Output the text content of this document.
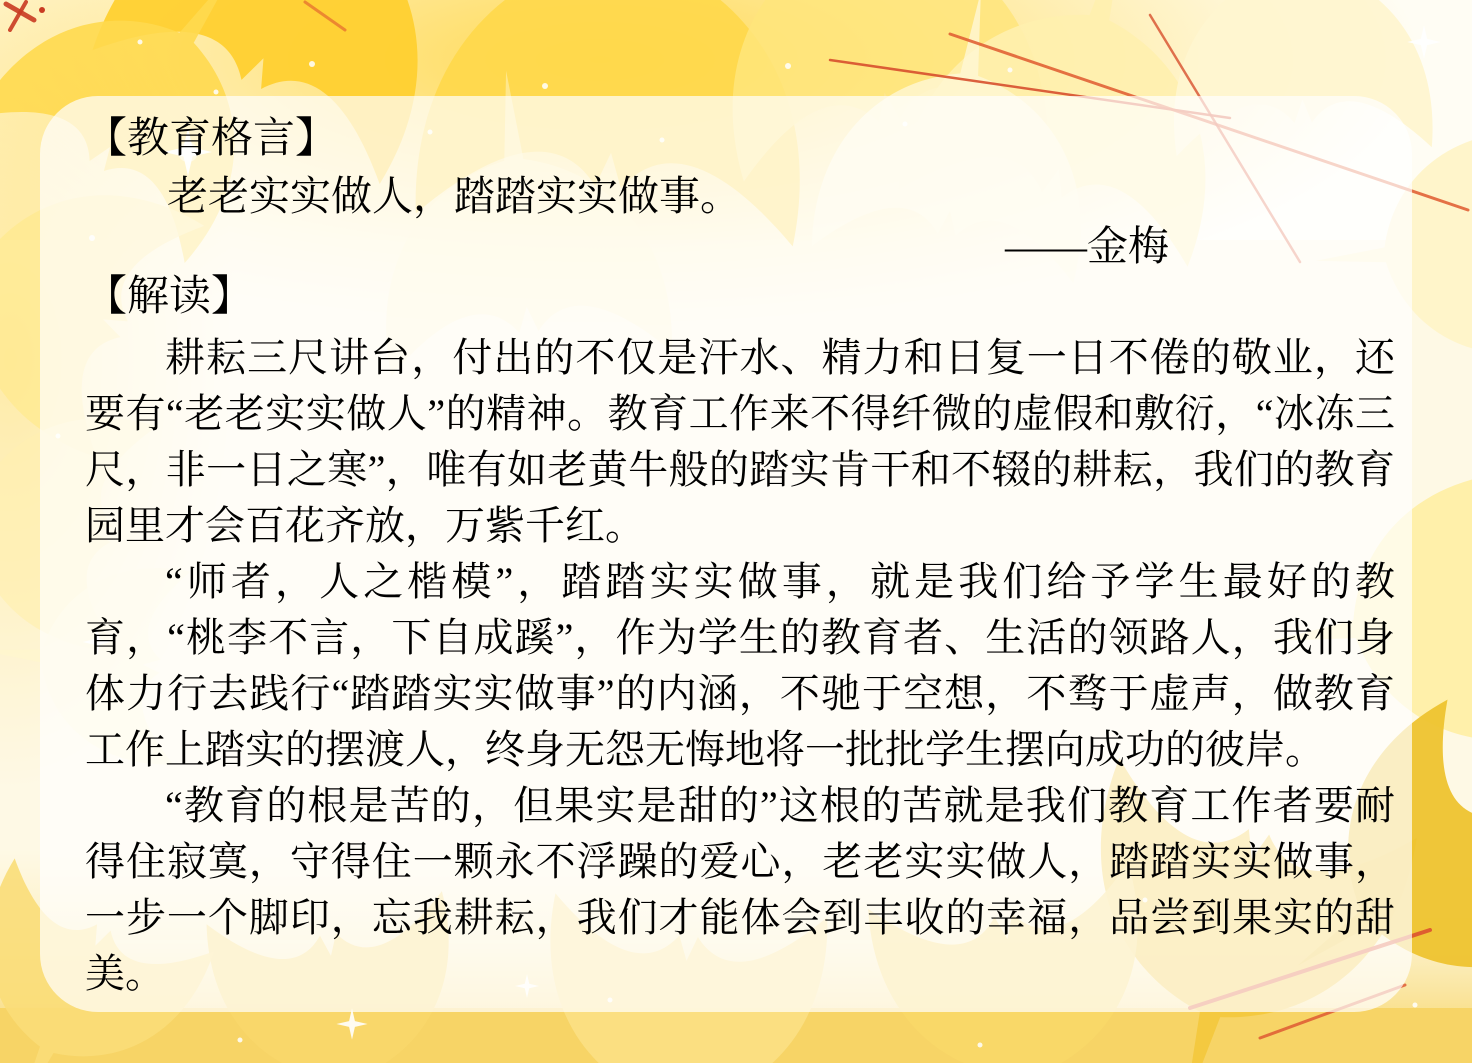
【教育格言】

老老实实做人，踏踏实实做事。

——金梅

【解读】

耕耘三尺讲台，付出的不仅是汗水、精力和日复一日不倦的敬业，还要有“老老实实做人”的精神。教育工作来不得纤微的虚假和敷衍，“冰冻三尺，非一日之寒”，唯有如老黄牛般的踏实肯干和不辍的耕耘，我们的教育园里才会百花齐放，万紫千红。

“师者，人之楷模”，踏踏实实做事，就是我们给予学生最好的教育，“桃李不言，下自成蹊”，作为学生的教育者、生活的领路人，我们身体力行去践行“踏踏实实做事”的内涵，不驰于空想，不骛于虚声，做教育工作上踏实的摆渡人，终身无怨无悔地将一批批学生摆向成功的彼岸。

“教育的根是苦的，但果实是甜的”这根的苦就是我们教育工作者要耐得住寂寞，守得住一颗永不浮躁的爱心，老老实实做人，踏踏实实做事，一步一个脚印，忘我耕耘，我们才能体会到丰收的幸福，品尝到果实的甜美。
